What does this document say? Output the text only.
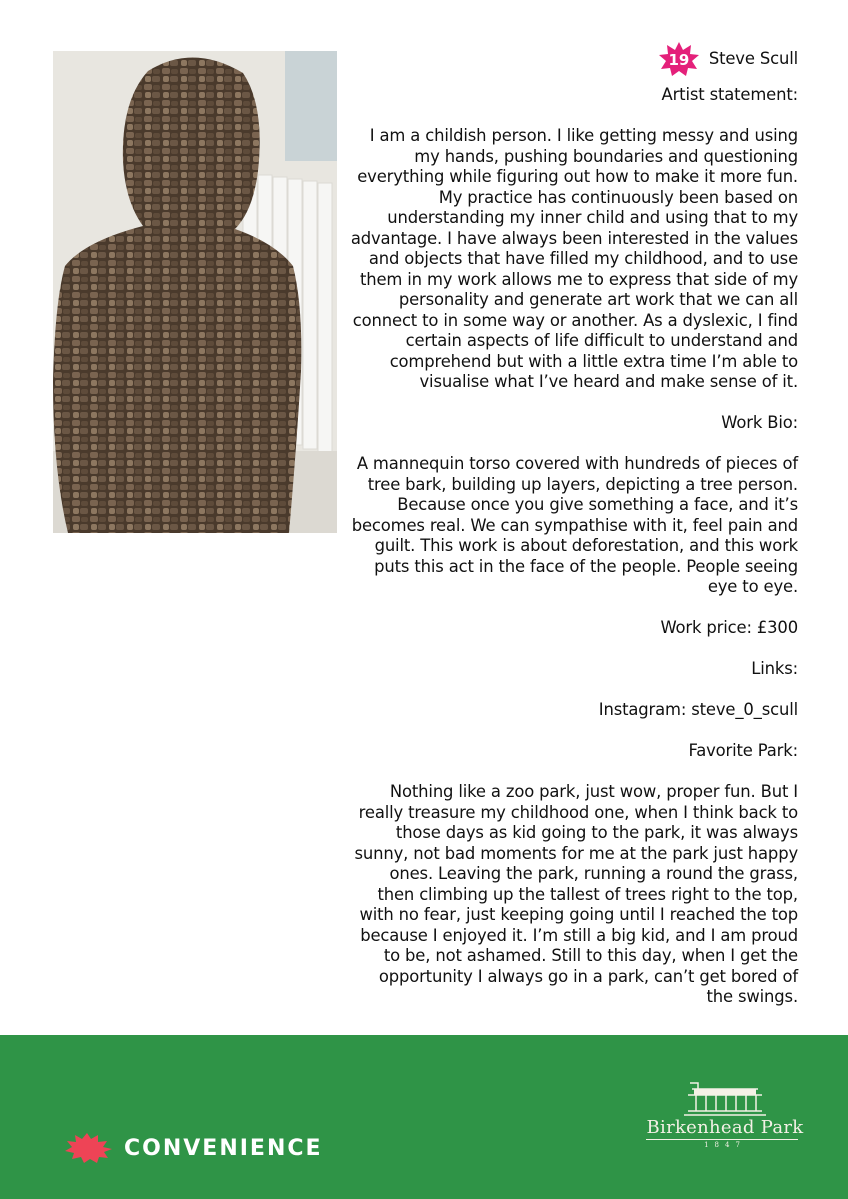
19	Steve Scull

Artist statement:

I am a childish person. I like getting messy and using my hands, pushing boundaries and questioning everything while figuring out how to make it more fun. My practice has continuously been based on understanding my inner child and using that to my advantage. I have always been interested in the values and objects that have filled my childhood, and to use them in my work allows me to express that side of my personality and generate art work that we can all connect to in some way or another. As a dyslexic, I find certain aspects of life difficult to understand and comprehend but with a little extra time I’m able to visualise what I’ve heard and make sense of it.

Work Bio:

A mannequin torso covered with hundreds of pieces of tree bark, building up layers, depicting a tree person. Because once you give something a face, and it’s becomes real. We can sympathise with it, feel pain and guilt. This work is about deforestation, and this work puts this act in the face of the people. People seeing eye to eye.

Work price: £300

Links:

Instagram: steve_0_scull

Favorite Park:

Nothing like a zoo park, just wow, proper fun. But I really treasure my childhood one, when I think back to those days as kid going to the park, it was always sunny, not bad moments for me at the park just happy ones. Leaving the park, running a round the grass, then climbing up the tallest of trees right to the top, with no fear, just keeping going until I reached the top because I enjoyed it. I’m still a big kid, and I am proud to be, not ashamed. Still to this day, when I get the opportunity I always go in a park, can’t get bored of the swings.

CONVENIENCE
Birkenhead Park
1847
